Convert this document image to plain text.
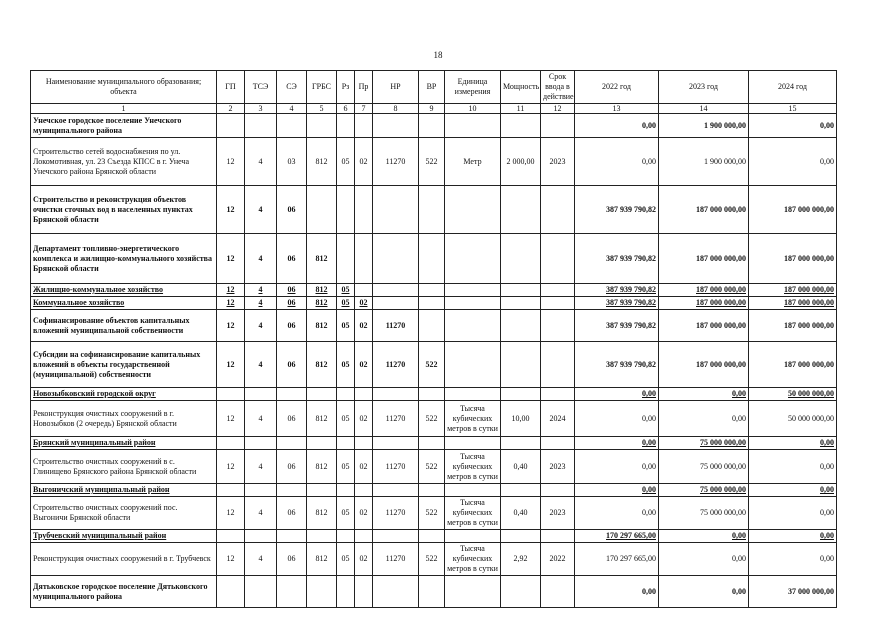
18
Наименование муниципального образования; объекта	ГП	ТСЭ	СЭ	ГРБС	Рз	Пр	НР	ВР	Единица измерения	Мощность	Срок ввода в действие	2022 год	2023 год	2024 год
1	2	3	4	5	6	7	8	9	10	11	12	13	14	15
Унечское городское поселение Унечского муниципального района												0,00	1 900 000,00	0,00
Строительство сетей водоснабжения по ул. Локомотивная, ул. 23 Съезда КПСС в г. Унеча Унечского района Брянской области	12	4	03	812	05	02	11270	522	Метр	2 000,00	2023	0,00	1 900 000,00	0,00
Строительство и реконструкция объектов очистки сточных вод в населенных пунктах Брянской области	12	4	06									387 939 790,82	187 000 000,00	187 000 000,00
Департамент топливно-энергетического комплекса и жилищно-коммунального хозяйства Брянской области	12	4	06	812								387 939 790,82	187 000 000,00	187 000 000,00
Жилищно-коммунальное хозяйство	12	4	06	812	05							387 939 790,82	187 000 000,00	187 000 000,00
Коммунальное хозяйство	12	4	06	812	05	02						387 939 790,82	187 000 000,00	187 000 000,00
Софинансирование объектов капитальных вложений муниципальной собственности	12	4	06	812	05	02	11270					387 939 790,82	187 000 000,00	187 000 000,00
Субсидии на софинансирование капитальных вложений в объекты государственной (муниципальной) собственности	12	4	06	812	05	02	11270	522				387 939 790,82	187 000 000,00	187 000 000,00
Новозыбковский городской округ												0,00	0,00	50 000 000,00
Реконструкция очистных сооружений в г. Новозыбков (2 очередь) Брянской области	12	4	06	812	05	02	11270	522	Тысяча кубических метров в сутки	10,00	2024	0,00	0,00	50 000 000,00
Брянский муниципальный район												0,00	75 000 000,00	0,00
Строительство очистных сооружений в с. Глинищево Брянского района Брянской области	12	4	06	812	05	02	11270	522	Тысяча кубических метров в сутки	0,40	2023	0,00	75 000 000,00	0,00
Выгоничский муниципальный район												0,00	75 000 000,00	0,00
Строительство очистных сооружений пос. Выгоничи Брянской области	12	4	06	812	05	02	11270	522	Тысяча кубических метров в сутки	0,40	2023	0,00	75 000 000,00	0,00
Трубчевский муниципальный район												170 297 665,00	0,00	0,00
Реконструкция очистных сооружений в г. Трубчевск	12	4	06	812	05	02	11270	522	Тысяча кубических метров в сутки	2,92	2022	170 297 665,00	0,00	0,00
Дятьковское городское поселение Дятьковского муниципального района												0,00	0,00	37 000 000,00
